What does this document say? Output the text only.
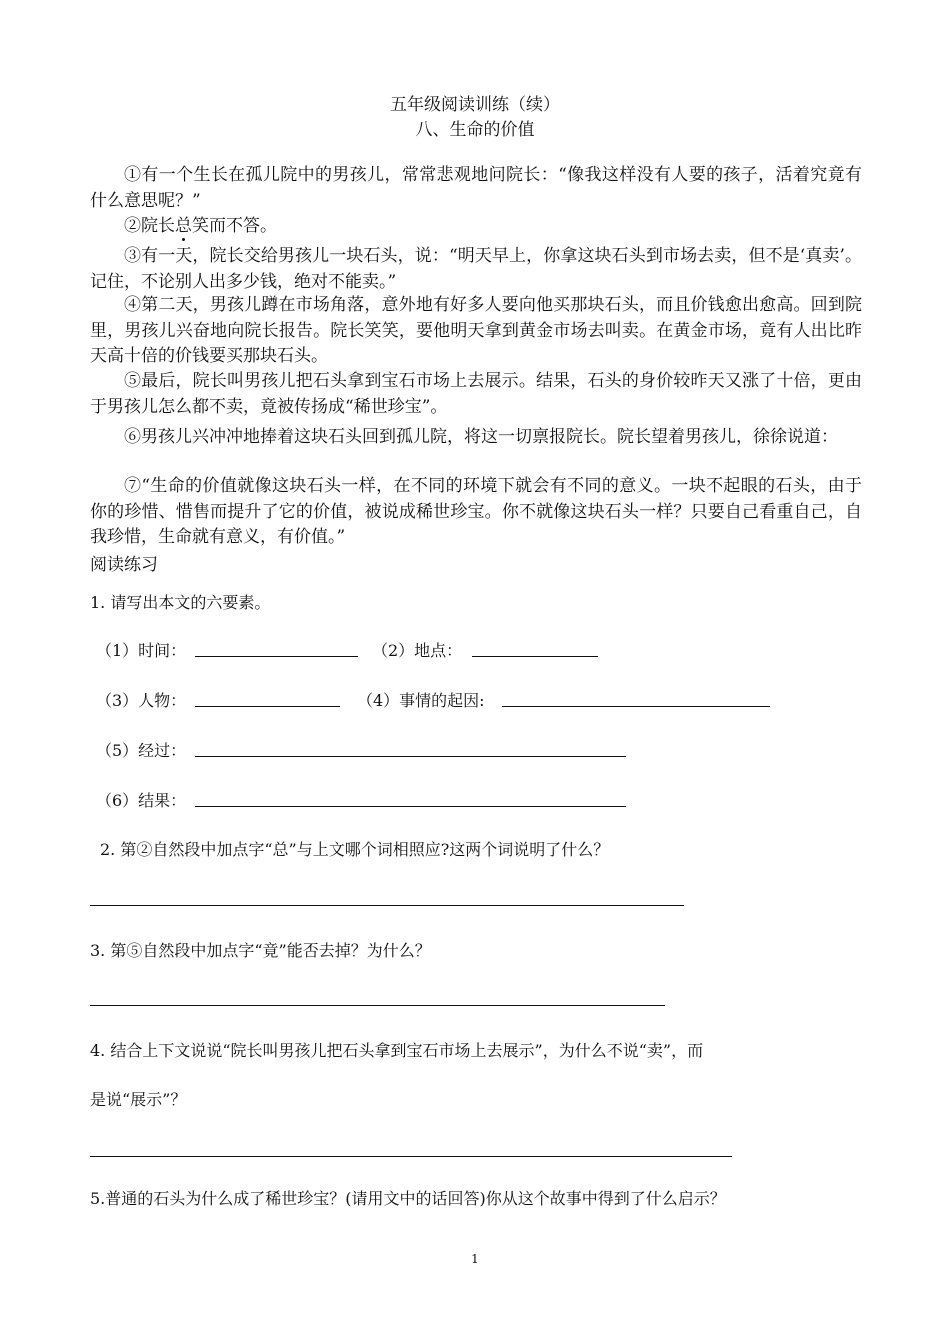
五年级阅读训练（续）
八、生命的价值
①有一个生长在孤儿院中的男孩儿，常常悲观地问院长：“像我这样没有人要的孩子，活着究竟有什么意思呢？”
②院长总笑而不答。
③有一天，院长交给男孩儿一块石头，说：“明天早上，你拿这块石头到市场去卖，但不是‘真卖’。记住，不论别人出多少钱，绝对不能卖。”
④第二天，男孩儿蹲在市场角落，意外地有好多人要向他买那块石头，而且价钱愈出愈高。回到院里，男孩儿兴奋地向院长报告。院长笑笑，要他明天拿到黄金市场去叫卖。在黄金市场，竟有人出比昨天高十倍的价钱要买那块石头。
⑤最后，院长叫男孩儿把石头拿到宝石市场上去展示。结果，石头的身价较昨天又涨了十倍，更由于男孩儿怎么都不卖，竟被传扬成“稀世珍宝”。
⑥男孩儿兴冲冲地捧着这块石头回到孤儿院，将这一切禀报院长。院长望着男孩儿，徐徐说道：
⑦“生命的价值就像这块石头一样，在不同的环境下就会有不同的意义。一块不起眼的石头，由于你的珍惜、惜售而提升了它的价值，被说成稀世珍宝。你不就像这块石头一样？只要自己看重自己，自我珍惜，生命就有意义，有价值。”
阅读练习
1. 请写出本文的六要素。
（1）时间：	（2）地点：
（3）人物：	（4）事情的起因:
（5）经过：
（6）结果：
2. 第②自然段中加点字“总”与上文哪个词相照应?这两个词说明了什么？
3. 第⑤自然段中加点字“竟”能否去掉？为什么？
4. 结合上下文说说“院长叫男孩儿把石头拿到宝石市场上去展示”，为什么不说“卖”，而
是说“展示”？
5.普通的石头为什么成了稀世珍宝？(请用文中的话回答)你从这个故事中得到了什么启示？
1
